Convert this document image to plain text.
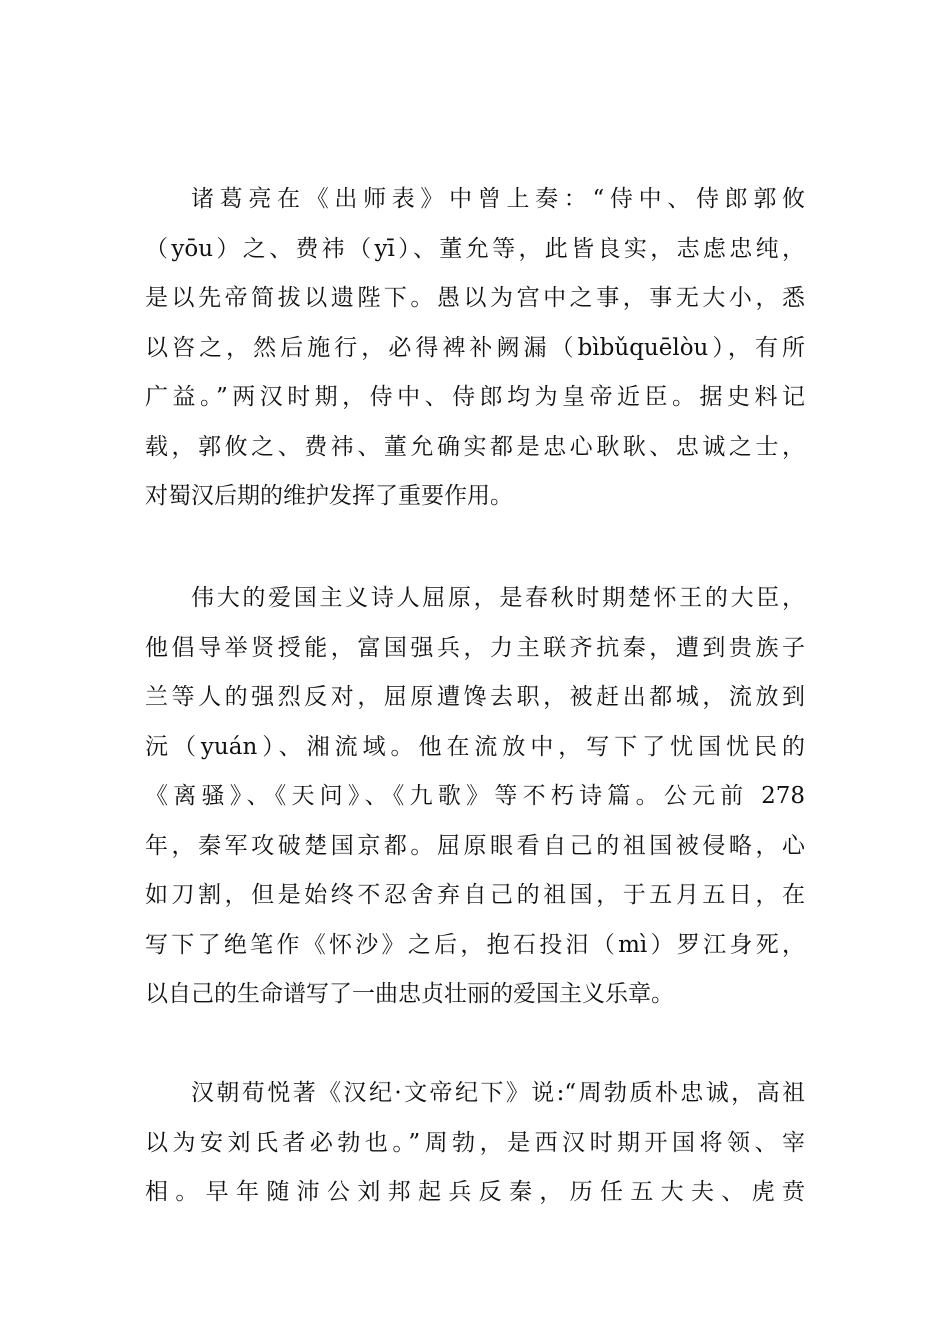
诸葛亮在《出师表》中曾上奏：“侍中、侍郎郭攸
（yōu）之、费祎（yī）、董允等，此皆良实，志虑忠纯，
是以先帝简拔以遗陛下。愚以为宫中之事，事无大小，悉
以咨之，然后施行，必得裨补阙漏（bìbǔquēlòu），有所
广益。”两汉时期，侍中、侍郎均为皇帝近臣。据史料记
载，郭攸之、费祎、董允确实都是忠心耿耿、忠诚之士，
对蜀汉后期的维护发挥了重要作用。
伟大的爱国主义诗人屈原，是春秋时期楚怀王的大臣，
他倡导举贤授能，富国强兵，力主联齐抗秦，遭到贵族子
兰等人的强烈反对，屈原遭馋去职，被赶出都城，流放到
沅（yuán）、湘流域。他在流放中，写下了忧国忧民的
《离骚》、《天问》、《九歌》等不朽诗篇。公元前 278
年，秦军攻破楚国京都。屈原眼看自己的祖国被侵略，心
如刀割，但是始终不忍舍弃自己的祖国，于五月五日，在
写下了绝笔作《怀沙》之后，抱石投汨（mì）罗江身死，
以自己的生命谱写了一曲忠贞壮丽的爱国主义乐章。
汉朝荀悦著《汉纪·文帝纪下》说:“周勃质朴忠诚，高祖
以为安刘氏者必勃也。”周勃，是西汉时期开国将领、宰
相。早年随沛公刘邦起兵反秦，历任五大夫、虎贲
